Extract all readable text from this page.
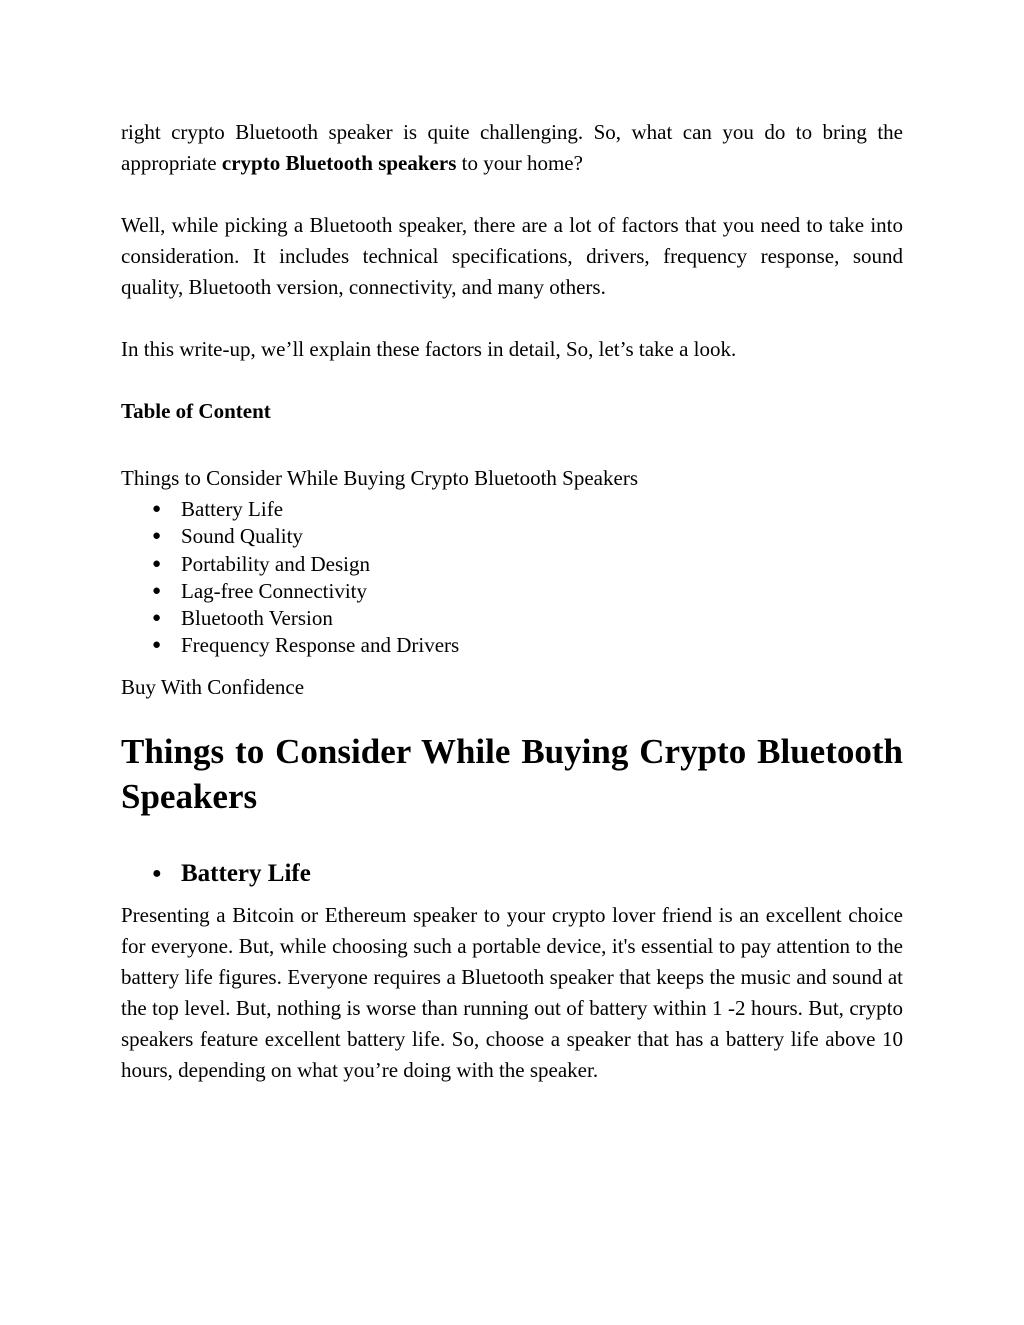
right crypto Bluetooth speaker is quite challenging. So, what can you do to bring the appropriate crypto Bluetooth speakers to your home?

Well, while picking a Bluetooth speaker, there are a lot of factors that you need to take into consideration. It includes technical specifications, drivers, frequency response, sound quality, Bluetooth version, connectivity, and many others.

In this write-up, we’ll explain these factors in detail, So, let’s take a look.

Table of Content

Things to Consider While Buying Crypto Bluetooth Speakers

● Battery Life
● Sound Quality
● Portability and Design
● Lag-free Connectivity
● Bluetooth Version
● Frequency Response and Drivers

Buy With Confidence

Things to Consider While Buying Crypto Bluetooth Speakers
● Battery Life

Presenting a Bitcoin or Ethereum speaker to your crypto lover friend is an excellent choice for everyone. But, while choosing such a portable device, it's essential to pay attention to the battery life figures. Everyone requires a Bluetooth speaker that keeps the music and sound at the top level. But, nothing is worse than running out of battery within 1 -2 hours. But, crypto speakers feature excellent battery life. So, choose a speaker that has a battery life above 10 hours, depending on what you’re doing with the speaker.
